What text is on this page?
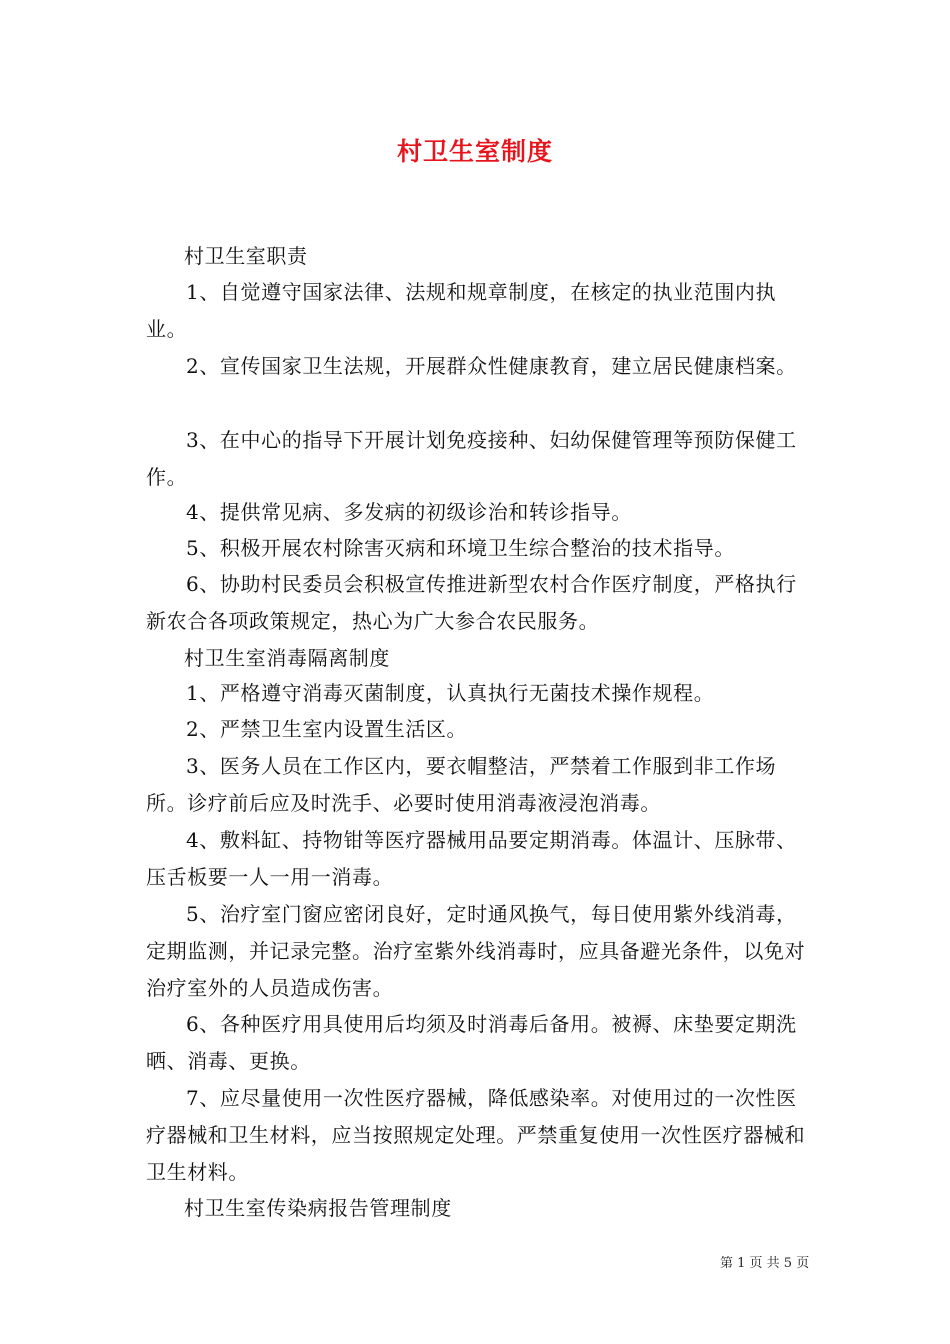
村卫生室制度
村卫生室职责
1、自觉遵守国家法律、法规和规章制度，在核定的执业范围内执业。
2、宣传国家卫生法规，开展群众性健康教育，建立居民健康档案。
3、在中心的指导下开展计划免疫接种、妇幼保健管理等预防保健工作。
4、提供常见病、多发病的初级诊治和转诊指导。
5、积极开展农村除害灭病和环境卫生综合整治的技术指导。
6、协助村民委员会积极宣传推进新型农村合作医疗制度，严格执行新农合各项政策规定，热心为广大参合农民服务。
村卫生室消毒隔离制度
1、严格遵守消毒灭菌制度，认真执行无菌技术操作规程。
2、严禁卫生室内设置生活区。
3、医务人员在工作区内，要衣帽整洁，严禁着工作服到非工作场所。诊疗前后应及时洗手、必要时使用消毒液浸泡消毒。
4、敷料缸、持物钳等医疗器械用品要定期消毒。体温计、压脉带、压舌板要一人一用一消毒。
5、治疗室门窗应密闭良好，定时通风换气，每日使用紫外线消毒，定期监测，并记录完整。治疗室紫外线消毒时，应具备避光条件，以免对治疗室外的人员造成伤害。
6、各种医疗用具使用后均须及时消毒后备用。被褥、床垫要定期洗晒、消毒、更换。
7、应尽量使用一次性医疗器械，降低感染率。对使用过的一次性医疗器械和卫生材料，应当按照规定处理。严禁重复使用一次性医疗器械和卫生材料。
村卫生室传染病报告管理制度
第 1 页 共 5 页
